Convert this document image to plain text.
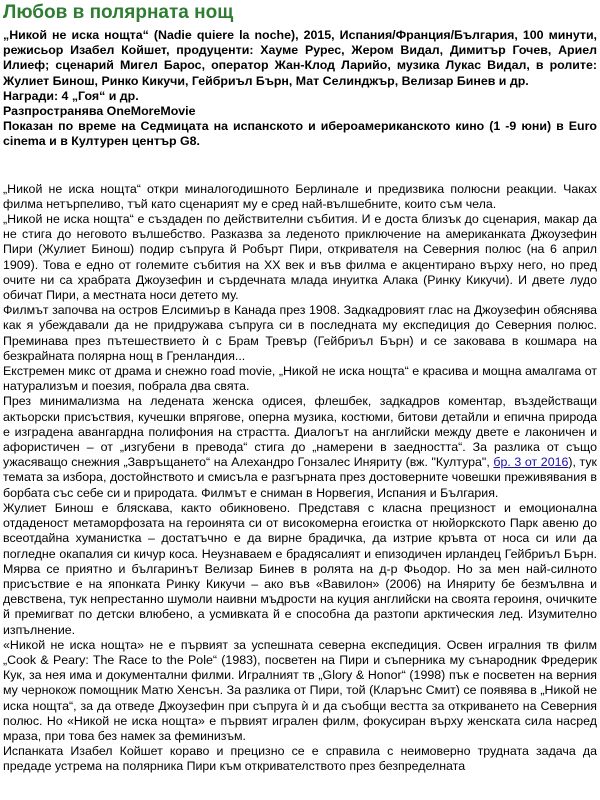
Любов в полярната нощ

„Никой не иска нощта“ (Nadie quiere la noche), 2015, Испания/Франция/България, 100 минути, режисьор Изабел Койшет, продуценти: Хауме Рурес, Жером Видал, Димитър Гочев, Ариел Илиеф; сценарий Мигел Барос, оператор Жан-Клод Ларийо, музика Лукас Видал, в ролите: Жулиет Бинош, Ринко Кикучи, Гейбриъл Бърн, Мат Селинджър, Велизар Бинев и др.

Награди: 4 „Гоя“ и др.

Разпространява OneMoreMovie

Показан по време на Седмицата на испанското и ибероамериканското кино (1 -9 юни) в Euro cinema и в Културен център G8.

„Никой не иска нощта“ откри миналогодишното Берлинале и предизвика полюсни реакции. Чаках филма нетърпеливо, тъй като сценарият му е сред най-вълшебните, които съм чела.

„Никой не иска нощта“ е създаден по действителни събития. И е доста близък до сценария, макар да не стига до неговото вълшебство. Разказва за леденото приключение на американката Джоузефин Пири (Жулиет Бинош) подир съпруга й Робърт Пири, откривателя на Северния полюс (на 6 април 1909). Това е едно от големите събития на XX век и във филма е акцентирано върху него, но пред очите ни са храбрата Джоузефин и сърдечната млада инуитка Алака (Ринку Кикучи). И двете лудо обичат Пири, а местната носи детето му.

Филмът започва на остров Елсимиър в Канада през 1908. Задкадровият глас на Джоузефин обяснява как я убеждавали да не придружава съпруга си в последната му експедиция до Северния полюс. Преминава през пътешествието ѝ с Брам Тревър (Гейбриъл Бърн) и се заковава в кошмара на безкрайната полярна нощ в Гренландия...

Екстремен микс от драма и снежно road movie, „Никой не иска нощта“ е красива и мощна амалгама от натурализъм и поезия, побрала два свята.

През минимализма на ледената женска одисея, флешбек, задкадров коментар, въздействащи актьорски присъствия, кучешки впрягове, оперна музика, костюми, битови детайли и епична природа е изградена авангардна полифония на страстта. Диалогът на английски между двете е лаконичен и афористичен – от „изгубени в превода“ стига до „намерени в заедността“. За разлика от също ужасяващо снежния „Завръщането“ на Алехандро Гонзалес Иняриту (вж. "Култура", бр. 3 от 2016), тук темата за избора, достойнството и смисъла е разгърната през достоверните човешки преживявания в борбата със себе си и природата. Филмът е сниман в Норвегия, Испания и България.

Жулиет Бинош е бляскава, както обикновено. Представя с класна прецизност и емоционална отдаденост метаморфозата на героинята си от високомерна егоистка от нюйоркското Парк авеню до всеотдайна хуманистка – достатъчно е да вирне брадичка, да изтрие кръвта от носа си или да погледне окапалия си кичур коса. Неузнаваем е брадясалият и епизодичен ирландец Гейбриъл Бърн. Мярва се приятно и българинът Велизар Бинев в ролята на д-р Фьодор. Но за мен най-силното присъствие е на японката Ринку Кикучи – ако във «Вавилон» (2006) на Иняриту бе безмълвна и девствена, тук непрестанно шумоли наивни мъдрости на куция английски на своята героиня, очичките й премигват по детски влюбено, а усмивката й е способна да разтопи арктическия лед. Изумително изпълнение.

«Никой не иска нощта» не е първият за успешната северна експедиция. Освен игралния тв филм „Cook & Peary: The Race to the Pole“ (1983), посветен на Пири и съперника му сънародник Фредерик Кук, за нея има и документални филми. Игралният тв „Glory & Honor“ (1998) пък е посветен на верния му чернокож помощник Матю Хенсън. За разлика от Пири, той (Кларънс Смит) се появява в „Никой не иска нощта“, за да отведе Джоузефин при съпруга ѝ и да съобщи вестта за откриването на Северния полюс. Но «Никой не иска нощта» е първият игрален филм, фокусиран върху женската сила насред мраза, при това без намек за феминизъм.

Испанката Изабел Койшет кораво и прецизно се е справила с неимоверно трудната задача да предаде устрема на полярника Пири към откривателството през безпределната
